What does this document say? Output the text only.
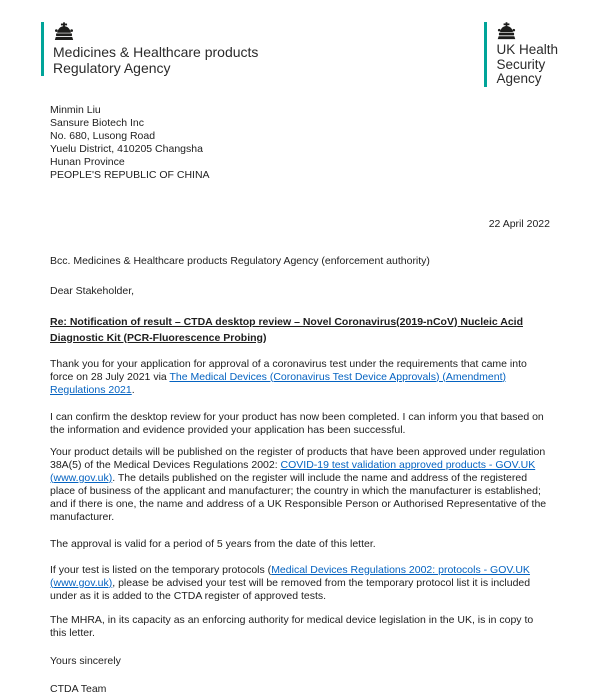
Medicines & Healthcare products
Regulatory Agency
UK Health
Security
Agency
Minmin Liu
Sansure Biotech Inc
No. 680, Lusong Road
Yuelu District, 410205 Changsha
Hunan Province
PEOPLE'S REPUBLIC OF CHINA
22 April 2022

Bcc. Medicines & Healthcare products Regulatory Agency (enforcement authority)

Dear Stakeholder,

Re: Notification of result – CTDA desktop review – Novel Coronavirus(2019-nCoV) Nucleic Acid Diagnostic Kit (PCR-Fluorescence Probing)

Thank you for your application for approval of a coronavirus test under the requirements that came into force on 28 July 2021 via The Medical Devices (Coronavirus Test Device Approvals) (Amendment) Regulations 2021.

I can confirm the desktop review for your product has now been completed. I can inform you that based on the information and evidence provided your application has been successful.

Your product details will be published on the register of products that have been approved under regulation 38A(5) of the Medical Devices Regulations 2002: COVID-19 test validation approved products - GOV.UK (www.gov.uk). The details published on the register will include the name and address of the registered place of business of the applicant and manufacturer; the country in which the manufacturer is established; and if there is one, the name and address of a UK Responsible Person or Authorised Representative of the manufacturer.

The approval is valid for a period of 5 years from the date of this letter.

If your test is listed on the temporary protocols (Medical Devices Regulations 2002: protocols - GOV.UK (www.gov.uk), please be advised your test will be removed from the temporary protocol list it is included under as it is added to the CTDA register of approved tests.

The MHRA, in its capacity as an enforcing authority for medical device legislation in the UK, is in copy to this letter.

Yours sincerely

CTDA Team
